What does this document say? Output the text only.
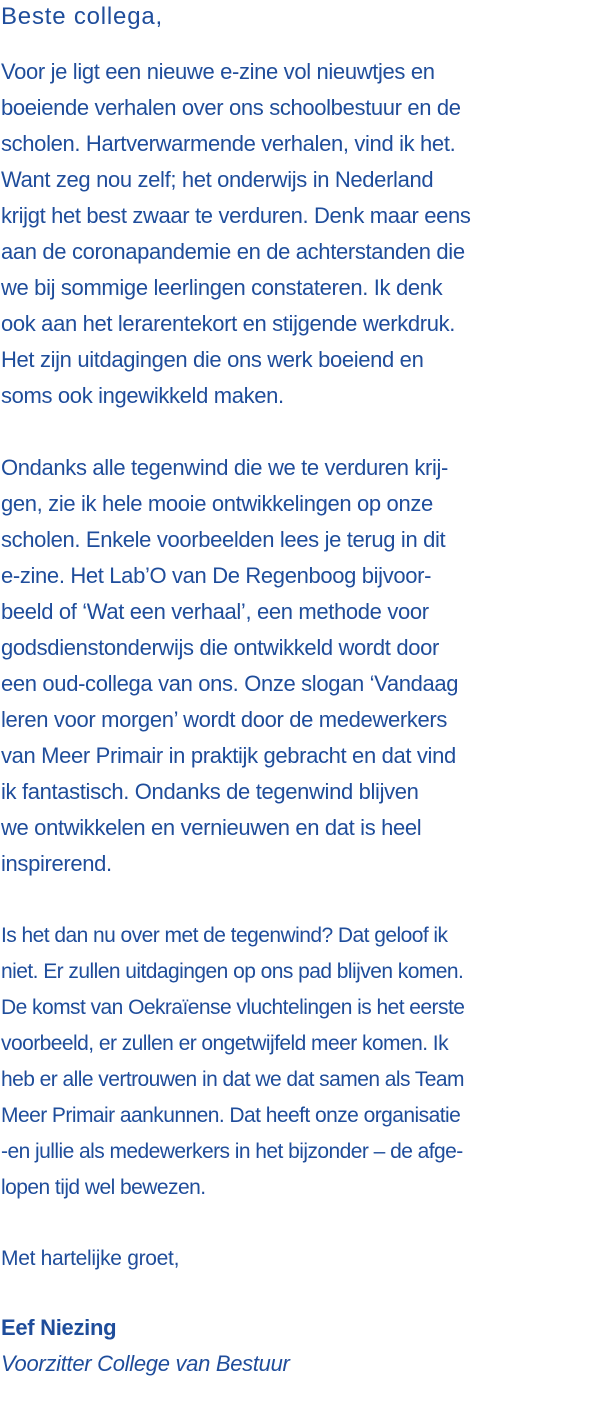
Beste collega,

Voor je ligt een nieuwe e-zine vol nieuwtjes en
boeiende verhalen over ons schoolbestuur en de
scholen. Hartverwarmende verhalen, vind ik het.
Want zeg nou zelf; het onderwijs in Nederland
krijgt het best zwaar te verduren. Denk maar eens
aan de coronapandemie en de achterstanden die
we bij sommige leerlingen constateren. Ik denk
ook aan het lerarentekort en stijgende werkdruk.
Het zijn uitdagingen die ons werk boeiend en
soms ook ingewikkeld maken.

Ondanks alle tegenwind die we te verduren krij-
gen, zie ik hele mooie ontwikkelingen op onze
scholen. Enkele voorbeelden lees je terug in dit
e-zine. Het Lab’O van De Regenboog bijvoor-
beeld of ‘Wat een verhaal’, een methode voor
godsdienstonderwijs die ontwikkeld wordt door
een oud-collega van ons. Onze slogan ‘Vandaag
leren voor morgen’ wordt door de medewerkers
van Meer Primair in praktijk gebracht en dat vind
ik fantastisch. Ondanks de tegenwind blijven
we ontwikkelen en vernieuwen en dat is heel
inspirerend.

Is het dan nu over met de tegenwind? Dat geloof ik
niet. Er zullen uitdagingen op ons pad blijven komen.
De komst van Oekraïense vluchtelingen is het eerste
voorbeeld, er zullen er ongetwijfeld meer komen. Ik
heb er alle vertrouwen in dat we dat samen als Team
Meer Primair aankunnen. Dat heeft onze organisatie
-en jullie als medewerkers in het bijzonder – de afge-
lopen tijd wel bewezen.

Met hartelijke groet,

Eef Niezing

Voorzitter College van Bestuur
